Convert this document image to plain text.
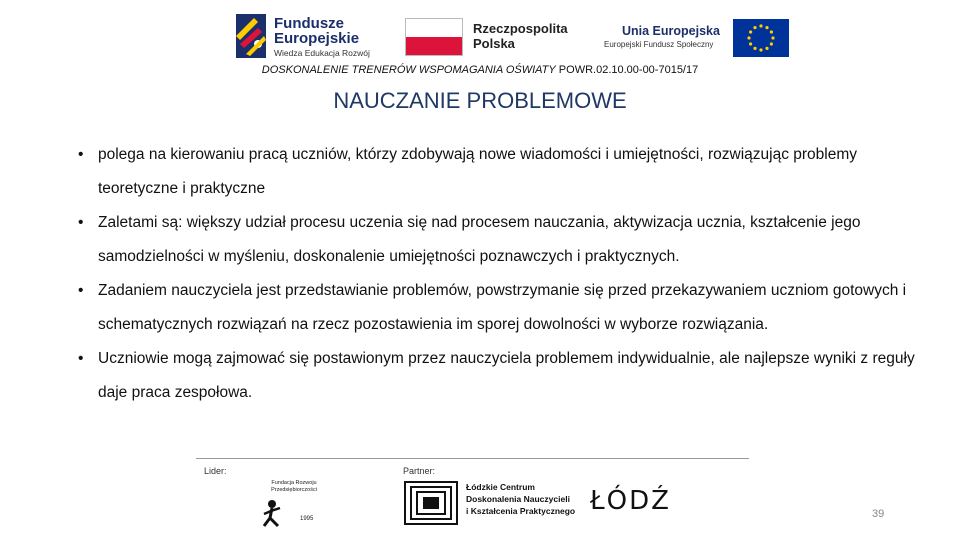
Fundusze
Europejskie
Wiedza Edukacja Rozwój
Rzeczpospolita
Polska
Unia Europejska
Europejski Fundusz Społeczny
DOSKONALENIE TRENERÓW WSPOMAGANIA OŚWIATY POWR.02.10.00-00-7015/17
NAUCZANIE PROBLEMOWE
• polega na kierowaniu pracą uczniów, którzy zdobywają nowe wiadomości i umiejętności, rozwiązując problemy teoretyczne i praktyczne
• Zaletami są: większy udział procesu uczenia się nad procesem nauczania, aktywizacja ucznia, kształcenie jego samodzielności w myśleniu, doskonalenie umiejętności poznawczych i praktycznych.
• Zadaniem nauczyciela jest przedstawianie problemów, powstrzymanie się przed przekazywaniem uczniom gotowych i schematycznych rozwiązań na rzecz pozostawienia im sporej dowolności w wyborze rozwiązania.
• Uczniowie mogą zajmować się postawionym przez nauczyciela problemem indywidualnie, ale najlepsze wyniki z reguły daje praca zespołowa.
Lider:	Partner:
Fundacja Rozwoju Przedsiębiorczości
1995
Łódzkie Centrum
Doskonalenia Nauczycieli
i Kształcenia Praktycznego ŁÓDŹ	39
